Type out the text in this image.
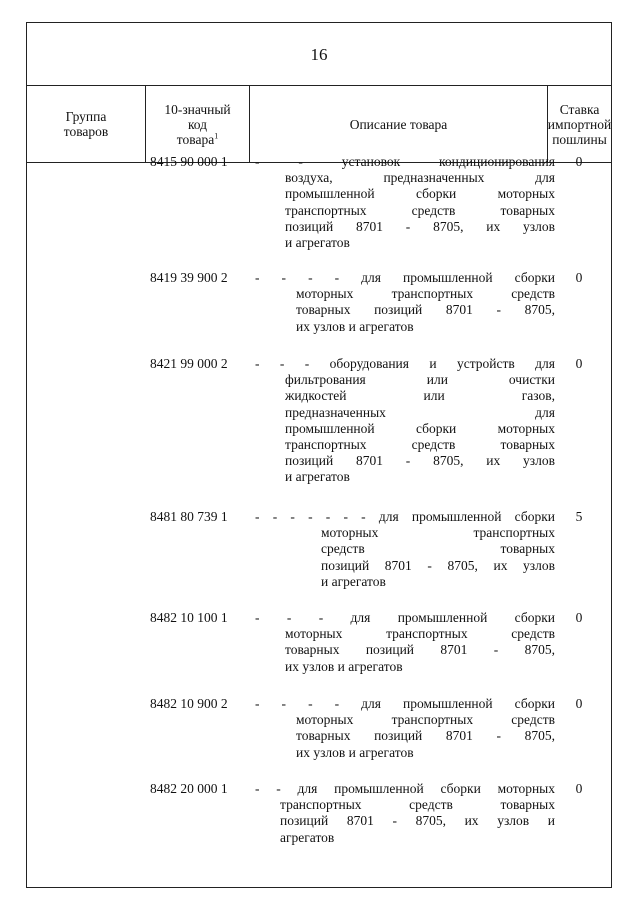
16
Группа
товаров
10-значный
код
товара$^1$
Описание товара
Ставка
импортной
пошлины
8415 90 000 1 - - установок кондиционирования
воздуха, предназначенных для
промышленной сборки моторных
транспортных средств товарных
позиций 8701 - 8705, их узлов
и агрегатов
0
8419 39 900 2 - - - - для промышленной сборки
моторных транспортных средств
товарных позиций 8701 - 8705,
их узлов и агрегатов
0
8421 99 000 2 - - - оборудования и устройств для
фильтрования или очистки
жидкостей или газов,
предназначенных для
промышленной сборки моторных
транспортных средств товарных
позиций 8701 - 8705, их узлов
и агрегатов
0
8481 80 739 1 - - - - - - - для промышленной сборки
моторных транспортных
средств товарных
позиций 8701 - 8705, их узлов
и агрегатов
5
8482 10 100 1 - - - для промышленной сборки
моторных транспортных средств
товарных позиций 8701 - 8705,
их узлов и агрегатов
0
8482 10 900 2 - - - - для промышленной сборки
моторных транспортных средств
товарных позиций 8701 - 8705,
их узлов и агрегатов
0
8482 20 000 1 - - для промышленной сборки моторных
транспортных средств товарных
позиций 8701 - 8705, их узлов и
агрегатов
0
